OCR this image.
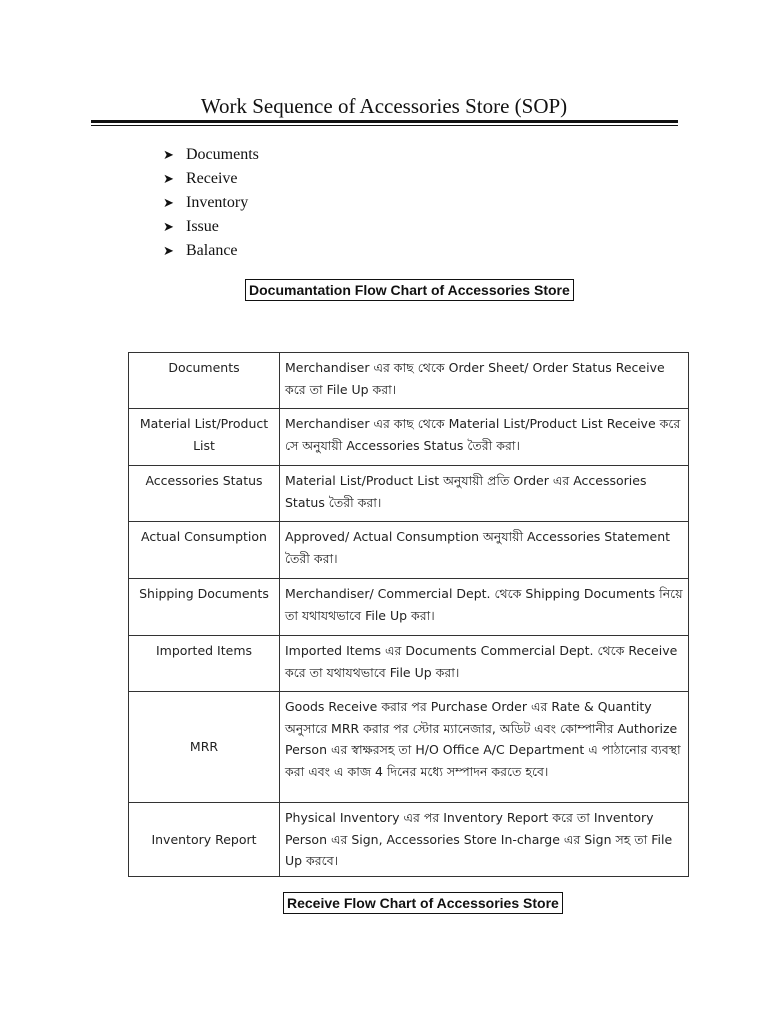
Work Sequence of Accessories Store (SOP)
➤ Documents
➤ Receive
➤ Inventory
➤ Issue
➤ Balance
Documantation Flow Chart of Accessories Store
Documents	Merchandiser এর কাছ থেকে Order Sheet/ Order Status Receive করে তা File Up করা।
Material List/Product List	Merchandiser এর কাছ থেকে Material List/Product List Receive করে সে অনুযায়ী Accessories Status তৈরী করা।
Accessories Status	Material List/Product List অনুযায়ী প্রতি Order এর Accessories Status তৈরী করা।
Actual Consumption	Approved/ Actual Consumption অনুযায়ী Accessories Statement তৈরী করা।
Shipping Documents	Merchandiser/ Commercial Dept. থেকে Shipping Documents নিয়ে তা যথাযথভাবে File Up করা।
Imported Items	Imported Items এর Documents Commercial Dept. থেকে Receive করে তা যথাযথভাবে File Up করা।
MRR	Goods Receive করার পর Purchase Order এর Rate & Quantity অনুসারে MRR করার পর স্টোর ম্যানেজার, অডিট এবং কোম্পানীর Authorize Person এর স্বাক্ষরসহ তা H/O Office A/C Department এ পাঠানোর ব্যবস্থা করা এবং এ কাজ 4 দিনের মধ্যে সম্পাদন করতে হবে।
Inventory Report	Physical Inventory এর পর Inventory Report করে তা Inventory Person এর Sign, Accessories Store In-charge এর Sign সহ তা File Up করবে।
Receive Flow Chart of Accessories Store
